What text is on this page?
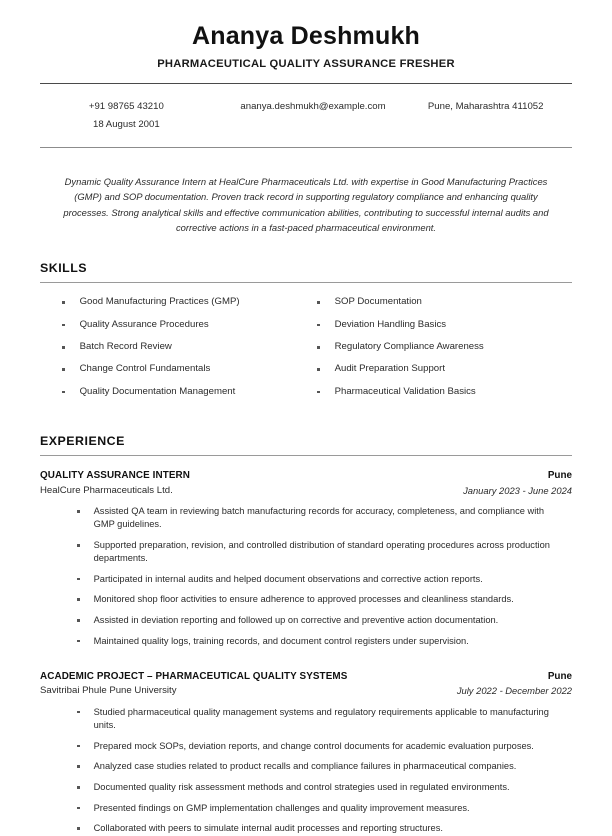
Ananya Deshmukh
PHARMACEUTICAL QUALITY ASSURANCE FRESHER
+91 98765 43210
18 August 2001
ananya.deshmukh@example.com	Pune, Maharashtra 411052
Dynamic Quality Assurance Intern at HealCure Pharmaceuticals Ltd. with expertise in Good Manufacturing Practices (GMP) and SOP documentation. Proven track record in supporting regulatory compliance and enhancing quality processes. Strong analytical skills and effective communication abilities, contributing to successful internal audits and corrective actions in a fast-paced pharmaceutical environment.
SKILLS
Good Manufacturing Practices (GMP)
Quality Assurance Procedures
Batch Record Review
Change Control Fundamentals
Quality Documentation Management
SOP Documentation
Deviation Handling Basics
Regulatory Compliance Awareness
Audit Preparation Support
Pharmaceutical Validation Basics
EXPERIENCE
QUALITY ASSURANCE INTERN
HealCure Pharmaceuticals Ltd.
Pune
January 2023 - June 2024
Assisted QA team in reviewing batch manufacturing records for accuracy, completeness, and compliance with GMP guidelines.
Supported preparation, revision, and controlled distribution of standard operating procedures across production departments.
Participated in internal audits and helped document observations and corrective action reports.
Monitored shop floor activities to ensure adherence to approved processes and cleanliness standards.
Assisted in deviation reporting and followed up on corrective and preventive action documentation.
Maintained quality logs, training records, and document control registers under supervision.
ACADEMIC PROJECT – PHARMACEUTICAL QUALITY SYSTEMS
Savitribai Phule Pune University
Pune
July 2022 - December 2022
Studied pharmaceutical quality management systems and regulatory requirements applicable to manufacturing units.
Prepared mock SOPs, deviation reports, and change control documents for academic evaluation purposes.
Analyzed case studies related to product recalls and compliance failures in pharmaceutical companies.
Documented quality risk assessment methods and control strategies used in regulated environments.
Presented findings on GMP implementation challenges and quality improvement measures.
Collaborated with peers to simulate internal audit processes and reporting structures.
